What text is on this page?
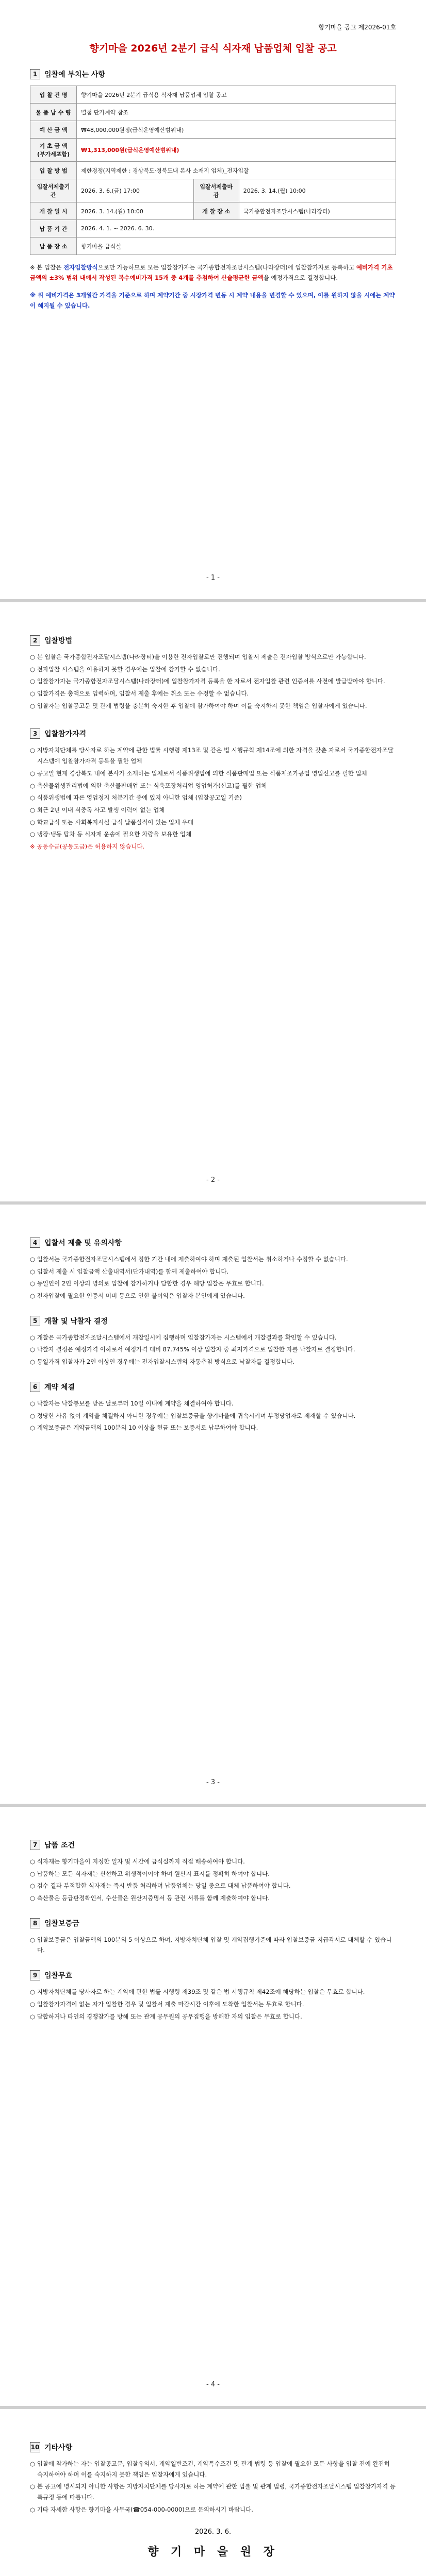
향기마을 공고 제2026-01호
향기마을 2026년 2분기 급식 식자재 납품업체 입찰 공고
1 입찰에 부치는 사항
입 찰 건 명	향기마을 2026년 2분기 급식용 식자재 납품업체 입찰 공고		
물 품 납 수 량	별첨 단가계약 참조		
예 산 금 액	₩48,000,000원정(급식운영예산범위내)		
기 초 금 액 (부가세포함)	₩1,313,000원(급식운영예산범위내)		
입 찰 방 법	제한경쟁(지역제한 : 경상북도·경북도내 본사 소재지 업체)_전자입찰		
입찰서제출기간	2026. 3. 6.(금) 17:00	입찰서제출마감	2026. 3. 14.(월) 10:00
개 찰 일 시	2026. 3. 14.(월) 10:00	개 찰 장 소	국가종합전자조달시스템(나라장터)
납 품 기 간	2026. 4. 1. ~ 2026. 6. 30.		
납 품 장 소	향기마을 급식실		
※ 본 입찰은 전자입찰방식으로만 가능하므로 모든 입찰참가자는 국가종합전자조달시스템(나라장터)에 입찰참가자로 등록하고 예비가격 기초금액의 ±3% 범위 내에서 작성된 복수예비가격 15개 중 4개를 추첨하여 산술평균한 금액을 예정가격으로 결정합니다.
※ 위 예비가격은 3개월간 가격을 기준으로 하며 계약기간 중 시장가격 변동 시 계약 내용을 변경할 수 있으며, 이를 원하지 않을 시에는 계약이 해지될 수 있습니다.
- 1 -
2 입찰방법

○ 본 입찰은 국가종합전자조달시스템(나라장터)을 이용한 전자입찰로만 진행되며 입찰서 제출은 전자입찰 방식으로만 가능합니다.

○ 전자입찰 시스템을 이용하지 못할 경우에는 입찰에 참가할 수 없습니다.

○ 입찰참가자는 국가종합전자조달시스템(나라장터)에 입찰참가자격 등록을 한 자로서 전자입찰 관련 인증서를 사전에 발급받아야 합니다.

○ 입찰가격은 총액으로 입력하며, 입찰서 제출 후에는 취소 또는 수정할 수 없습니다.

○ 입찰자는 입찰공고문 및 관계 법령을 충분히 숙지한 후 입찰에 참가하여야 하며 이를 숙지하지 못한 책임은 입찰자에게 있습니다.

3 입찰참가자격

○ 지방자치단체를 당사자로 하는 계약에 관한 법률 시행령 제13조 및 같은 법 시행규칙 제14조에 의한 자격을 갖춘 자로서 국가종합전자조달시스템에 입찰참가자격 등록을 필한 업체

○ 공고일 현재 경상북도 내에 본사가 소재하는 업체로서 식품위생법에 의한 식품판매업 또는 식품제조가공업 영업신고를 필한 업체

○ 축산물위생관리법에 의한 축산물판매업 또는 식육포장처리업 영업허가(신고)를 필한 업체

○ 식품위생법에 따른 영업정지 처분기간 중에 있지 아니한 업체 (입찰공고일 기준)

○ 최근 2년 이내 식중독 사고 발생 이력이 없는 업체

○ 학교급식 또는 사회복지시설 급식 납품실적이 있는 업체 우대

○ 냉장·냉동 탑차 등 식자재 운송에 필요한 차량을 보유한 업체

※ 공동수급(공동도급)은 허용하지 않습니다.

- 2 -
4 입찰서 제출 및 유의사항

○ 입찰서는 국가종합전자조달시스템에서 정한 기간 내에 제출하여야 하며 제출된 입찰서는 취소하거나 수정할 수 없습니다.

○ 입찰서 제출 시 입찰금액 산출내역서(단가내역)를 함께 제출하여야 합니다.

○ 동일인이 2인 이상의 명의로 입찰에 참가하거나 담합한 경우 해당 입찰은 무효로 합니다.

○ 전자입찰에 필요한 인증서 미비 등으로 인한 불이익은 입찰자 본인에게 있습니다.

5 개찰 및 낙찰자 결정

○ 개찰은 국가종합전자조달시스템에서 개찰일시에 집행하며 입찰참가자는 시스템에서 개찰결과를 확인할 수 있습니다.

○ 낙찰자 결정은 예정가격 이하로서 예정가격 대비 87.745% 이상 입찰자 중 최저가격으로 입찰한 자를 낙찰자로 결정합니다.

○ 동일가격 입찰자가 2인 이상인 경우에는 전자입찰시스템의 자동추첨 방식으로 낙찰자를 결정합니다.

6 계약 체결

○ 낙찰자는 낙찰통보를 받은 날로부터 10일 이내에 계약을 체결하여야 합니다.

○ 정당한 사유 없이 계약을 체결하지 아니한 경우에는 입찰보증금을 향기마을에 귀속시키며 부정당업자로 제재할 수 있습니다.

○ 계약보증금은 계약금액의 100분의 10 이상을 현금 또는 보증서로 납부하여야 합니다.

- 3 -
7 납품 조건

○ 식자재는 향기마을이 지정한 일자 및 시간에 급식실까지 직접 배송하여야 합니다.

○ 납품하는 모든 식자재는 신선하고 위생적이어야 하며 원산지 표시를 정확히 하여야 합니다.

○ 검수 결과 부적합한 식자재는 즉시 반품 처리하며 납품업체는 당일 중으로 대체 납품하여야 합니다.

○ 축산물은 등급판정확인서, 수산물은 원산지증명서 등 관련 서류를 함께 제출하여야 합니다.

8 입찰보증금

○ 입찰보증금은 입찰금액의 100분의 5 이상으로 하며, 지방자치단체 입찰 및 계약집행기준에 따라 입찰보증금 지급각서로 대체할 수 있습니다.

9 입찰무효

○ 지방자치단체를 당사자로 하는 계약에 관한 법률 시행령 제39조 및 같은 법 시행규칙 제42조에 해당하는 입찰은 무효로 합니다.

○ 입찰참가자격이 없는 자가 입찰한 경우 및 입찰서 제출 마감시간 이후에 도착한 입찰서는 무효로 합니다.

○ 담합하거나 타인의 경쟁참가를 방해 또는 관계 공무원의 공무집행을 방해한 자의 입찰은 무효로 합니다.

- 4 -
10 기타사항

○ 입찰에 참가하는 자는 입찰공고문, 입찰유의서, 계약일반조건, 계약특수조건 및 관계 법령 등 입찰에 필요한 모든 사항을 입찰 전에 완전히 숙지하여야 하며 이를 숙지하지 못한 책임은 입찰자에게 있습니다.

○ 본 공고에 명시되지 아니한 사항은 지방자치단체를 당사자로 하는 계약에 관한 법률 및 관계 법령, 국가종합전자조달시스템 입찰참가자격 등록규정 등에 따릅니다.

○ 기타 자세한 사항은 향기마을 사무국(☎054-000-0000)으로 문의하시기 바랍니다.

2026. 3. 6.
향 기 마 을 원 장
